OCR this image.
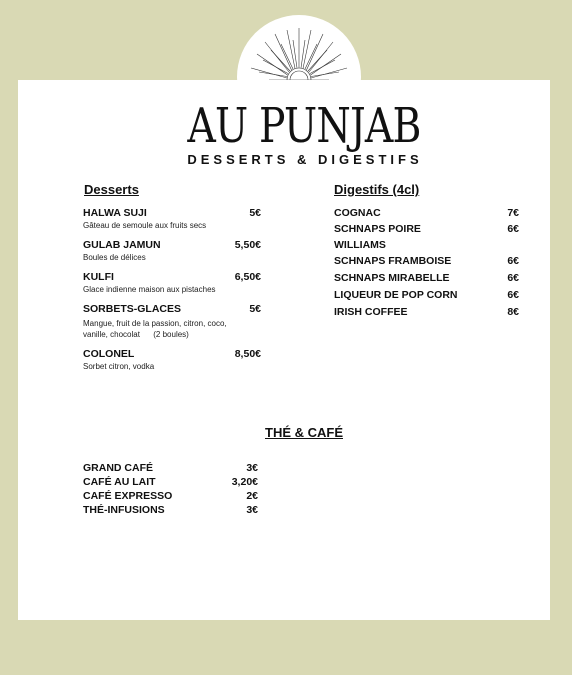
AU PUNJAB
DESSERTS & DIGESTIFS
Desserts
HALWA SUJI	5€
Gâteau de semoule aux fruits secs
GULAB JAMUN	5,50€
Boules de délices
KULFI	6,50€
Glace indienne maison aux pistaches
SORBETS-GLACES	5€
Mangue, fruit de la passion, citron, coco,
vanille, chocolat      (2 boules)
COLONEL	8,50€
Sorbet citron, vodka
Digestifs (4cl)
COGNAC	7€
SCHNAPS POIRE	6€
WILLIAMS
SCHNAPS FRAMBOISE	6€
SCHNAPS MIRABELLE	6€
LIQUEUR DE POP CORN	6€
IRISH COFFEE	8€
THÉ & CAFÉ
GRAND CAFÉ	3€
CAFÉ AU LAIT	3,20€
CAFÉ EXPRESSO	2€
THÉ-INFUSIONS	3€
